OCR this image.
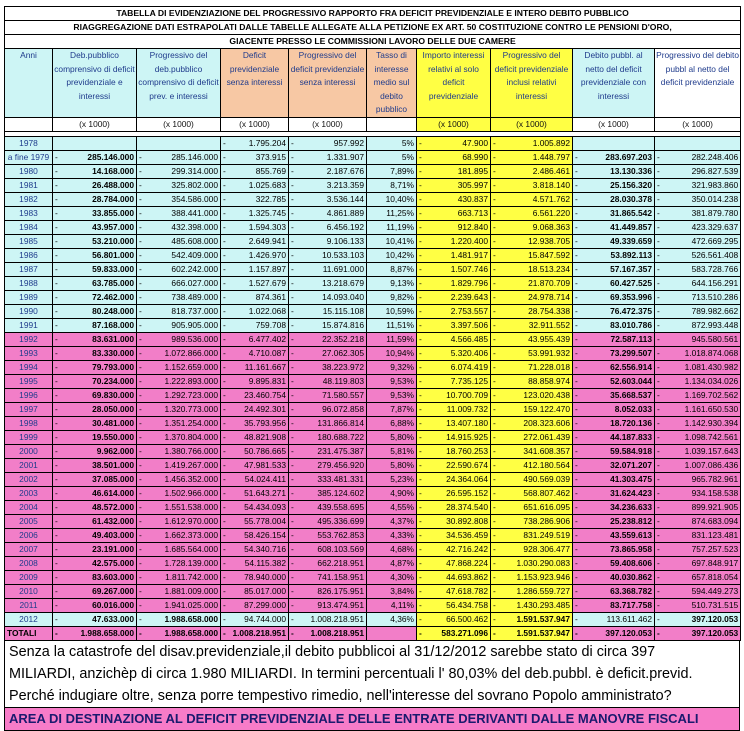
TABELLA DI EVIDENZIAZIONE DEL PROGRESSIVO RAPPORTO FRA DEFICIT PREVIDENZIALE E INTERO DEBITO PUBBLICO									
RIAGGREGAZIONE DATI ESTRAPOLATI DALLE TABELLE ALLEGATE ALLA PETIZIONE EX ART. 50 COSTITUZIONE CONTRO LE PENSIONI D'ORO,									
GIACENTE PRESSO LE COMMISSIONI LAVORO DELLE DUE CAMERE									
Anni	Deb.pubblico comprensivo di deficit previdenziale e interessi	Progressivo del deb.pubblico comprensivo di deficit prev. e interessi	Deficit previdenziale senza interessi	Progressivo del deficit previdenziale senza interessi	Tasso di interesse medio sul debito pubblico	Importo interessi relativi al solo deficit previdenziale	Progressivo del deficit previdenziale inclusi relativi interessi	Debito pubbl. al netto del deficit previdenziale con interessi	Progressivo del debito pubbl al netto del deficit previdenziale
	(x 1000)	(x 1000)	(x 1000)	(x 1000)		(x 1000)	(x 1000)	(x 1000)	(x 1000)

1978			- 1.795.204	- 957.992	5%	- 47.900	- 1.005.892		
a fine 1979	- 285.146.000	- 285.146.000	- 373.915	- 1.331.907	5%	- 68.990	- 1.448.797	- 283.697.203	- 282.248.406
1980	- 14.168.000	- 299.314.000	- 855.769	- 2.187.676	7,89%	- 181.895	- 2.486.461	- 13.130.336	- 296.827.539
1981	- 26.488.000	- 325.802.000	- 1.025.683	- 3.213.359	8,71%	- 305.997	- 3.818.140	- 25.156.320	- 321.983.860
1982	- 28.784.000	- 354.586.000	- 322.785	- 3.536.144	10,40%	- 430.837	- 4.571.762	- 28.030.378	- 350.014.238
1983	- 33.855.000	- 388.441.000	- 1.325.745	- 4.861.889	11,25%	- 663.713	- 6.561.220	- 31.865.542	- 381.879.780
1984	- 43.957.000	- 432.398.000	- 1.594.303	- 6.456.192	11,19%	- 912.840	- 9.068.363	- 41.449.857	- 423.329.637
1985	- 53.210.000	- 485.608.000	- 2.649.941	- 9.106.133	10,41%	- 1.220.400	- 12.938.705	- 49.339.659	- 472.669.295
1986	- 56.801.000	- 542.409.000	- 1.426.970	- 10.533.103	10,42%	- 1.481.917	- 15.847.592	- 53.892.113	- 526.561.408
1987	- 59.833.000	- 602.242.000	- 1.157.897	- 11.691.000	8,87%	- 1.507.746	- 18.513.234	- 57.167.357	- 583.728.766
1988	- 63.785.000	- 666.027.000	- 1.527.679	- 13.218.679	9,13%	- 1.829.796	- 21.870.709	- 60.427.525	- 644.156.291
1989	- 72.462.000	- 738.489.000	- 874.361	- 14.093.040	9,82%	- 2.239.643	- 24.978.714	- 69.353.996	- 713.510.286
1990	- 80.248.000	- 818.737.000	- 1.022.068	- 15.115.108	10,59%	- 2.753.557	- 28.754.338	- 76.472.375	- 789.982.662
1991	- 87.168.000	- 905.905.000	- 759.708	- 15.874.816	11,51%	- 3.397.506	- 32.911.552	- 83.010.786	- 872.993.448
1992	- 83.631.000	- 989.536.000	- 6.477.402	- 22.352.218	11,59%	- 4.566.485	- 43.955.439	- 72.587.113	- 945.580.561
1993	- 83.330.000	- 1.072.866.000	- 4.710.087	- 27.062.305	10,94%	- 5.320.406	- 53.991.932	- 73.299.507	- 1.018.874.068
1994	- 79.793.000	- 1.152.659.000	- 11.161.667	- 38.223.972	9,32%	- 6.074.419	- 71.228.018	- 62.556.914	- 1.081.430.982
1995	- 70.234.000	- 1.222.893.000	- 9.895.831	- 48.119.803	9,53%	- 7.735.125	- 88.858.974	- 52.603.044	- 1.134.034.026
1996	- 69.830.000	- 1.292.723.000	- 23.460.754	- 71.580.557	9,53%	- 10.700.709	- 123.020.438	- 35.668.537	- 1.169.702.562
1997	- 28.050.000	- 1.320.773.000	- 24.492.301	- 96.072.858	7,87%	- 11.009.732	- 159.122.470	- 8.052.033	- 1.161.650.530
1998	- 30.481.000	- 1.351.254.000	- 35.793.956	- 131.866.814	6,88%	- 13.407.180	- 208.323.606	- 18.720.136	- 1.142.930.394
1999	- 19.550.000	- 1.370.804.000	- 48.821.908	- 180.688.722	5,80%	- 14.915.925	- 272.061.439	- 44.187.833	- 1.098.742.561
2000	- 9.962.000	- 1.380.766.000	- 50.786.665	- 231.475.387	5,81%	- 18.760.253	- 341.608.357	- 59.584.918	- 1.039.157.643
2001	- 38.501.000	- 1.419.267.000	- 47.981.533	- 279.456.920	5,80%	- 22.590.674	- 412.180.564	- 32.071.207	- 1.007.086.436
2002	- 37.085.000	- 1.456.352.000	- 54.024.411	- 333.481.331	5,23%	- 24.364.064	- 490.569.039	- 41.303.475	- 965.782.961
2003	- 46.614.000	- 1.502.966.000	- 51.643.271	- 385.124.602	4,90%	- 26.595.152	- 568.807.462	- 31.624.423	- 934.158.538
2004	- 48.572.000	- 1.551.538.000	- 54.434.093	- 439.558.695	4,55%	- 28.374.540	- 651.616.095	- 34.236.633	- 899.921.905
2005	- 61.432.000	- 1.612.970.000	- 55.778.004	- 495.336.699	4,37%	- 30.892.808	- 738.286.906	- 25.238.812	- 874.683.094
2006	- 49.403.000	- 1.662.373.000	- 58.426.154	- 553.762.853	4,33%	- 34.536.459	- 831.249.519	- 43.559.613	- 831.123.481
2007	- 23.191.000	- 1.685.564.000	- 54.340.716	- 608.103.569	4,68%	- 42.716.242	- 928.306.477	- 73.865.958	- 757.257.523
2008	- 42.575.000	- 1.728.139.000	- 54.115.382	- 662.218.951	4,87%	- 47.868.224	- 1.030.290.083	- 59.408.606	- 697.848.917
2009	- 83.603.000	- 1.811.742.000	- 78.940.000	- 741.158.951	4,30%	- 44.693.862	- 1.153.923.946	- 40.030.862	- 657.818.054
2010	- 69.267.000	- 1.881.009.000	- 85.017.000	- 826.175.951	3,84%	- 47.618.782	- 1.286.559.727	- 63.368.782	- 594.449.273
2011	- 60.016.000	- 1.941.025.000	- 87.299.000	- 913.474.951	4,11%	- 56.434.758	- 1.430.293.485	- 83.717.758	- 510.731.515
2012	- 47.633.000	- 1.988.658.000	- 94.744.000	- 1.008.218.951	4,36%	- 66.500.462	- 1.591.537.947	- 113.611.462	- 397.120.053
TOTALI	- 1.988.658.000	- 1.988.658.000	- 1.008.218.951	- 1.008.218.951		- 583.271.096	- 1.591.537.947	- 397.120.053	- 397.120.053

Senza la catastrofe del disav.previdenziale,il debito pubblicoi al 31/12/2012 sarebbe stato di circa 397

MILIARDI, anzichèp di circa 1.980 MILIARDI. In termini percentuali l' 80,03% del deb.pubbl. è deficit.previd.

Perché indugiare oltre, senza porre tempestivo rimedio, nell'interesse del sovrano Popolo amministrato?

AREA DI DESTINAZIONE AL DEFICIT PREVIDENZIALE DELLE ENTRATE DERIVANTI DALLE MANOVRE FISCALI
